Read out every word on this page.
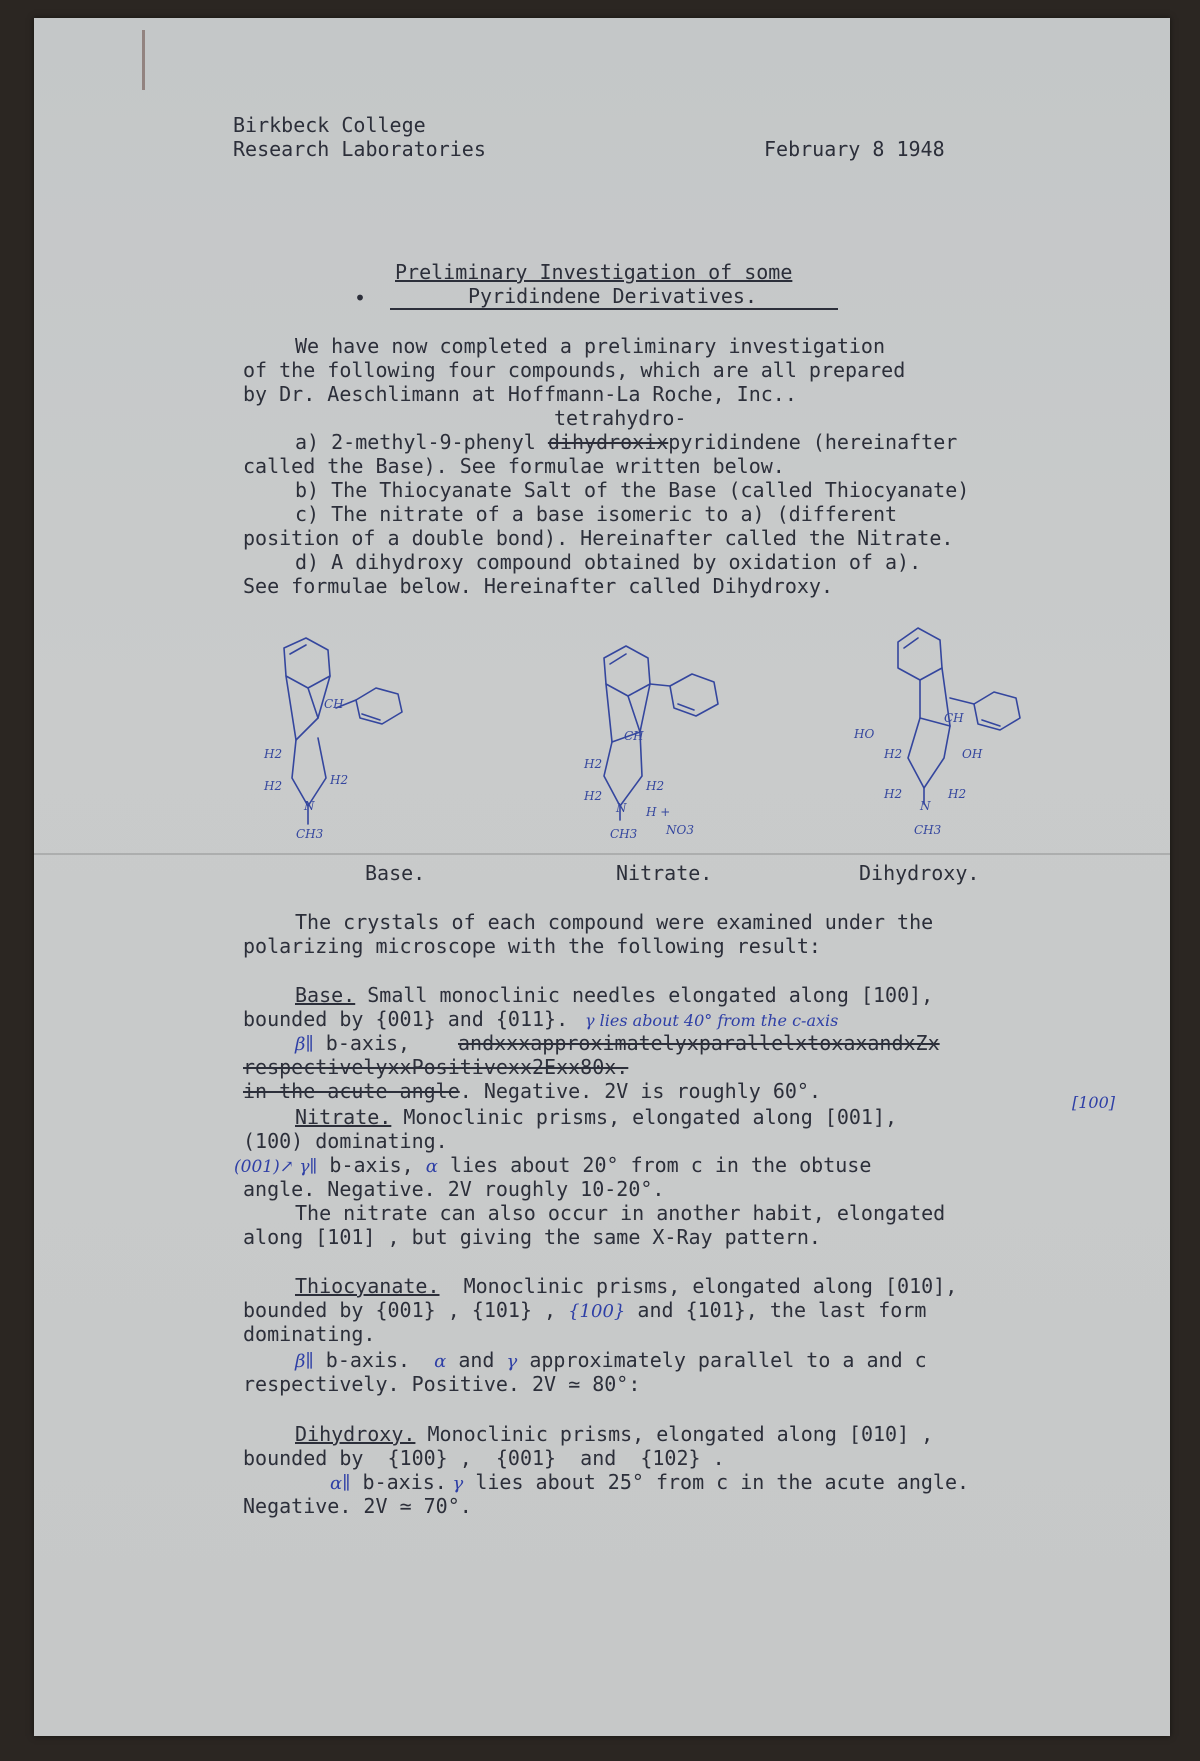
Birkbeck College
Research Laboratories	February 8 1948
Preliminary Investigation of some
•	Pyridindene Derivatives.
We have now completed a preliminary investigation
of the following four compounds, which are all prepared
by Dr. Aeschlimann at Hoffmann-La Roche, Inc..
tetrahydro-
a) 2-methyl-9-phenyl dihydroxixpyridindene (hereinafter
called the Base). See formulae written below.
b) The Thiocyanate Salt of the Base (called Thiocyanate)
c) The nitrate of a base isomeric to a) (different
position of a double bond). Hereinafter called the Nitrate.
d) A dihydroxy compound obtained by oxidation of a).
See formulae below. Hereinafter called Dihydroxy.
CH
H2
H2	H2
N
CH3
Base.
CH
H2
H2
H2
N H +
NO3
CH3
Nitrate.
HO
OH
CH
H2
H2	H2
N
CH3
Dihydroxy.
The crystals of each compound were examined under the
polarizing microscope with the following result:
Base. Small monoclinic needles elongated along [100],
bounded by {001} and {011}. γ lies about 40° from the c-axis
β∥ b-axis, andxxxapproximatelyxparallelxtoxaxandxZx
respectivelyxxPositivexx2Exx80x.
in the acute angle. Negative. 2V is roughly 60°.
Nitrate. Monoclinic prisms, elongated along [001],
[100]
(100) dominating.
(001)↗ γ∥ b-axis, α lies about 20° from c in the obtuse
angle. Negative. 2V roughly 10-20°.
The nitrate can also occur in another habit, elongated
along [101] , but giving the same X-Ray pattern.
Thiocyanate.  Monoclinic prisms, elongated along [010],
bounded by {001} , {101} , {100} and {101}, the last form
dominating.
β∥ b-axis.  α and γ approximately parallel to a and c
respectively. Positive. 2V ≃ 80°:
Dihydroxy. Monoclinic prisms, elongated along [010] ,
bounded by  {100} ,  {001}  and  {102} .
α∥ b-axis. γ lies about 25° from c in the acute angle.
Negative. 2V ≃ 70°.
